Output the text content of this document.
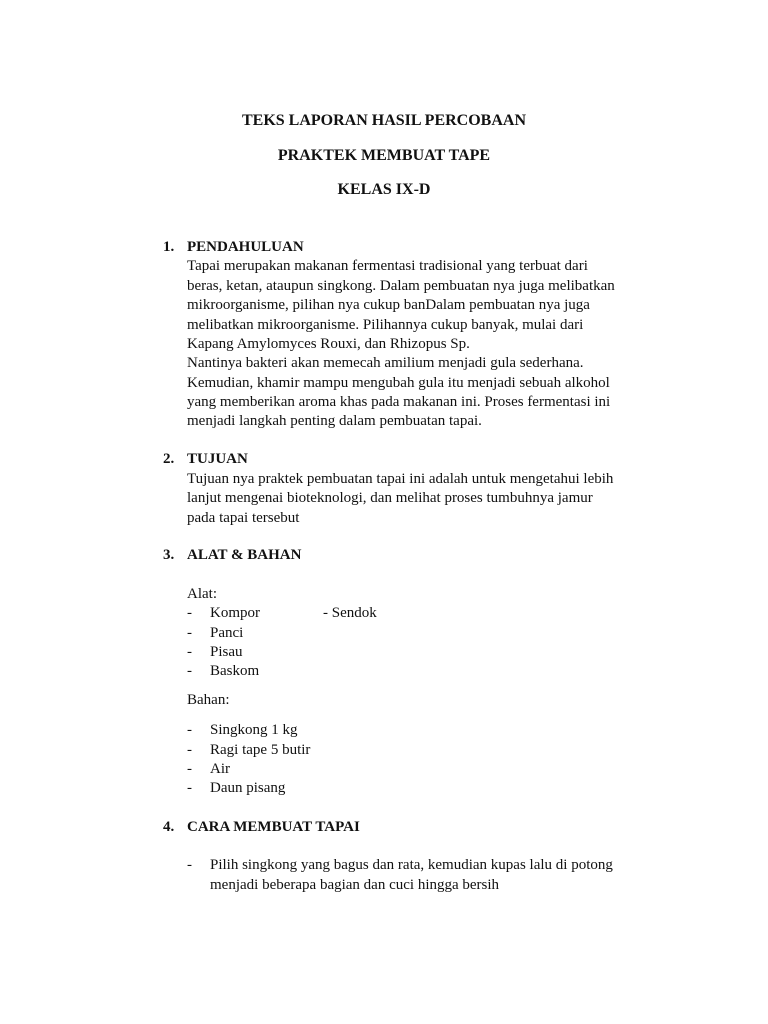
TEKS LAPORAN HASIL PERCOBAAN
PRAKTEK MEMBUAT TAPE
KELAS IX-D
1. PENDAHULUAN
Tapai merupakan makanan fermentasi tradisional yang terbuat dari
beras, ketan, ataupun singkong. Dalam pembuatan nya juga melibatkan
mikroorganisme, pilihan nya cukup banDalam pembuatan nya juga
melibatkan mikroorganisme. Pilihannya cukup banyak, mulai dari
Kapang Amylomyces Rouxi, dan Rhizopus Sp.
Nantinya bakteri akan memecah amilium menjadi gula sederhana.
Kemudian, khamir mampu mengubah gula itu menjadi sebuah alkohol
yang memberikan aroma khas pada makanan ini. Proses fermentasi ini
menjadi langkah penting dalam pembuatan tapai.
2. TUJUAN
Tujuan nya praktek pembuatan tapai ini adalah untuk mengetahui lebih
lanjut mengenai bioteknologi, dan melihat proses tumbuhnya jamur
pada tapai tersebut
3. ALAT & BAHAN
Alat:
- Kompor	- Sendok
- Panci
- Pisau
- Baskom
Bahan:
- Singkong 1 kg
- Ragi tape 5 butir
- Air
- Daun pisang
4. CARA MEMBUAT TAPAI
- Pilih singkong yang bagus dan rata, kemudian kupas lalu di potong
menjadi beberapa bagian dan cuci hingga bersih
